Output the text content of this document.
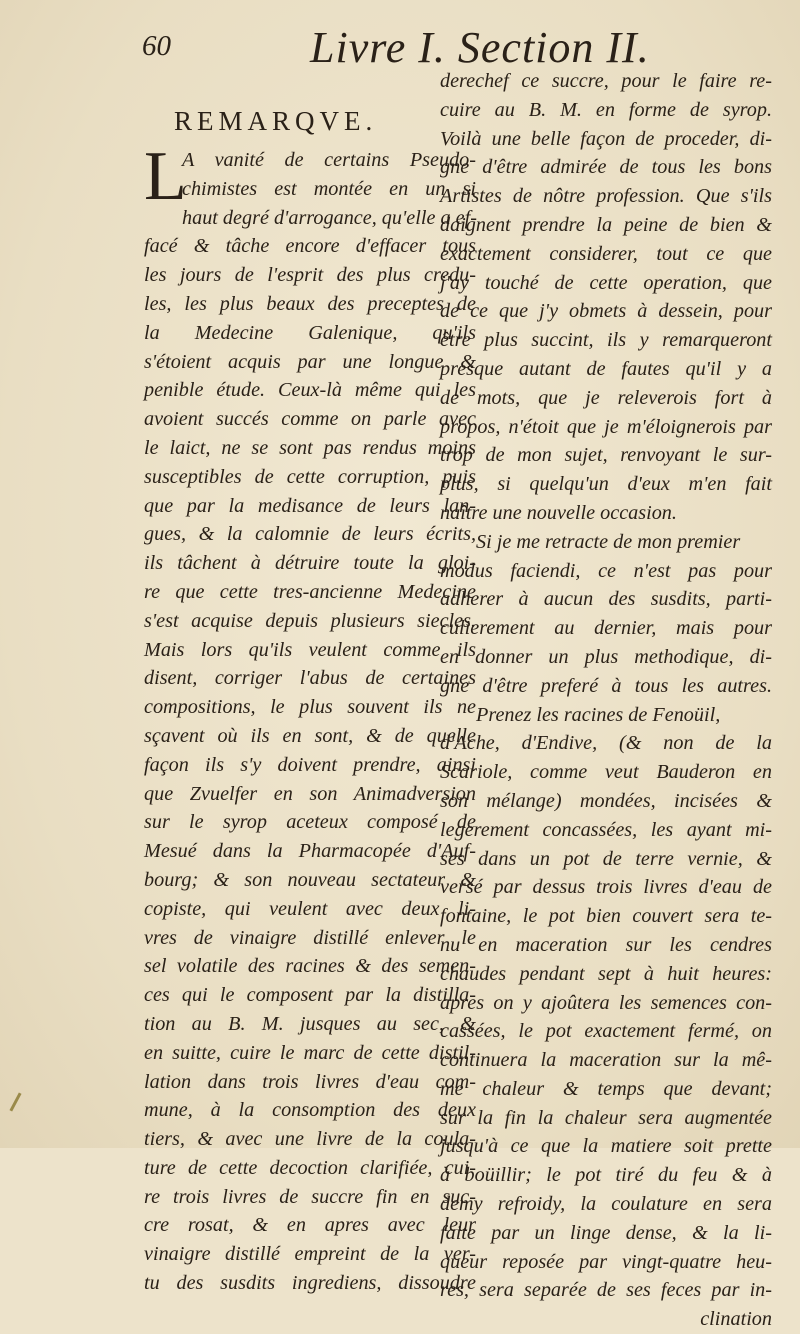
60	Livre I. Section II.
REMARQVE.
L
A vanité de certains Pseudo-
chimistes est montée en un si
haut degré d'arrogance, qu'elle a ef-
facé & tâche encore d'effacer tous
les jours de l'esprit des plus credu-
les, les plus beaux des preceptes de
la Medecine Galenique, qu'ils
s'étoient acquis par une longue &
penible étude. Ceux-là même qui les
avoient succés comme on parle avec
le laict, ne se sont pas rendus moins
susceptibles de cette corruption, puis
que par la medisance de leurs lan-
gues, & la calomnie de leurs écrits,
ils tâchent à détruire toute la gloi-
re que cette tres-ancienne Medecine
s'est acquise depuis plusieurs siecles.
Mais lors qu'ils veulent comme ils
disent, corriger l'abus de certaines
compositions, le plus souvent ils ne
sçavent où ils en sont, & de quelle
façon ils s'y doivent prendre, ainsi
que Zvuelfer en son Animadversion
sur le syrop aceteux composé de
Mesué dans la Pharmacopée d'Auf-
bourg; & son nouveau sectateur &
copiste, qui veulent avec deux li-
vres de vinaigre distillé enlever le
sel volatile des racines & des semen-
ces qui le composent par la distilla-
tion au B. M. jusques au sec, &
en suitte, cuire le marc de cette distil-
lation dans trois livres d'eau com-
mune, à la consomption des deux
tiers, & avec une livre de la coula-
ture de cette decoction clarifiée, cui-
re trois livres de succre fin en suc-
cre rosat, & en apres avec leur
vinaigre distillé empreint de la ver-
tu des susdits ingrediens, dissoudre
derechef ce succre, pour le faire re-
cuire au B. M. en forme de syrop.
Voilà une belle façon de proceder, di-
gne d'être admirée de tous les bons
Artistes de nôtre profession. Que s'ils
daignent prendre la peine de bien &
exactement considerer, tout ce que
j'ay touché de cette operation, que
de ce que j'y obmets à dessein, pour
être plus succint, ils y remarqueront
presque autant de fautes qu'il y a
de mots, que je releverois fort à
propos, n'étoit que je m'éloignerois par
trop de mon sujet, renvoyant le sur-
plus, si quelqu'un d'eux m'en fait
naître une nouvelle occasion.
Si je me retracte de mon premier
modus faciendi, ce n'est pas pour
adherer à aucun des susdits, parti-
culierement au dernier, mais pour
en donner un plus methodique, di-
gne d'être preferé à tous les autres.
Prenez les racines de Fenoüil,
d'Ache, d'Endive, (& non de la
Scariole, comme veut Bauderon en
son mélange) mondées, incisées &
legerement concassées, les ayant mi-
ses dans un pot de terre vernie, &
versé par dessus trois livres d'eau de
fontaine, le pot bien couvert sera te-
nu en maceration sur les cendres
chaudes pendant sept à huit heures:
apres on y ajoûtera les semences con-
cassées, le pot exactement fermé, on
continuera la maceration sur la mê-
me chaleur & temps que devant;
sur la fin la chaleur sera augmentée
jusqu'à ce que la matiere soit prette
à boüillir; le pot tiré du feu & à
demy refroidy, la coulature en sera
faite par un linge dense, & la li-
queur reposée par vingt-quatre heu-
res, sera separée de ses feces par in-
clination
